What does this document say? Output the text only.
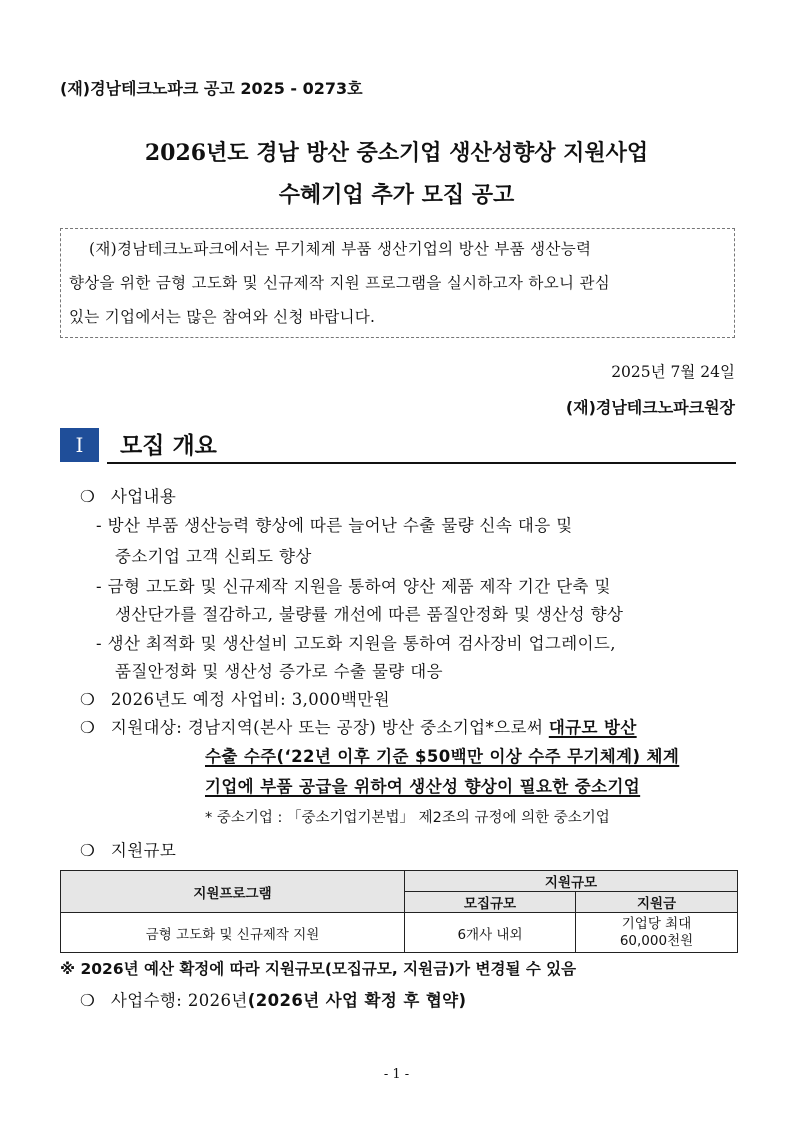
(재)경남테크노파크 공고 2025 - 0273호
2026년도 경남 방산 중소기업 생산성향상 지원사업
수혜기업 추가 모집 공고
(재)경남테크노파크에서는 무기체계 부품 생산기업의 방산 부품 생산능력
향상을 위한 금형 고도화 및 신규제작 지원 프로그램을 실시하고자 하오니 관심
있는 기업에서는 많은 참여와 신청 바랍니다.
2025년 7월 24일
(재)경남테크노파크원장
I	모집 개요
❍ 사업내용
- 방산 부품 생산능력 향상에 따른 늘어난 수출 물량 신속 대응 및
중소기업 고객 신뢰도 향상
- 금형 고도화 및 신규제작 지원을 통하여 양산 제품 제작 기간 단축 및
생산단가를 절감하고, 불량률 개선에 따른 품질안정화 및 생산성 향상
- 생산 최적화 및 생산설비 고도화 지원을 통하여 검사장비 업그레이드,
품질안정화 및 생산성 증가로 수출 물량 대응
❍ 2026년도 예정 사업비: 3,000백만원
❍ 지원대상: 경남지역(본사 또는 공장) 방산 중소기업*으로써 대규모 방산
수출 수주(‘22년 이후 기준 $50백만 이상 수주 무기체계) 체계
기업에 부품 공급을 위하여 생산성 향상이 필요한 중소기업
* 중소기업 : 「중소기업기본법」 제2조의 규정에 의한 중소기업
❍ 지원규모
지원프로그램	지원규모	
	모집규모	지원금
금형 고도화 및 신규제작 지원	6개사 내외	기업당 최대
60,000천원
※ 2026년 예산 확정에 따라 지원규모(모집규모, 지원금)가 변경될 수 있음
❍ 사업수행: 2026년(2026년 사업 확정 후 협약)
- 1 -
